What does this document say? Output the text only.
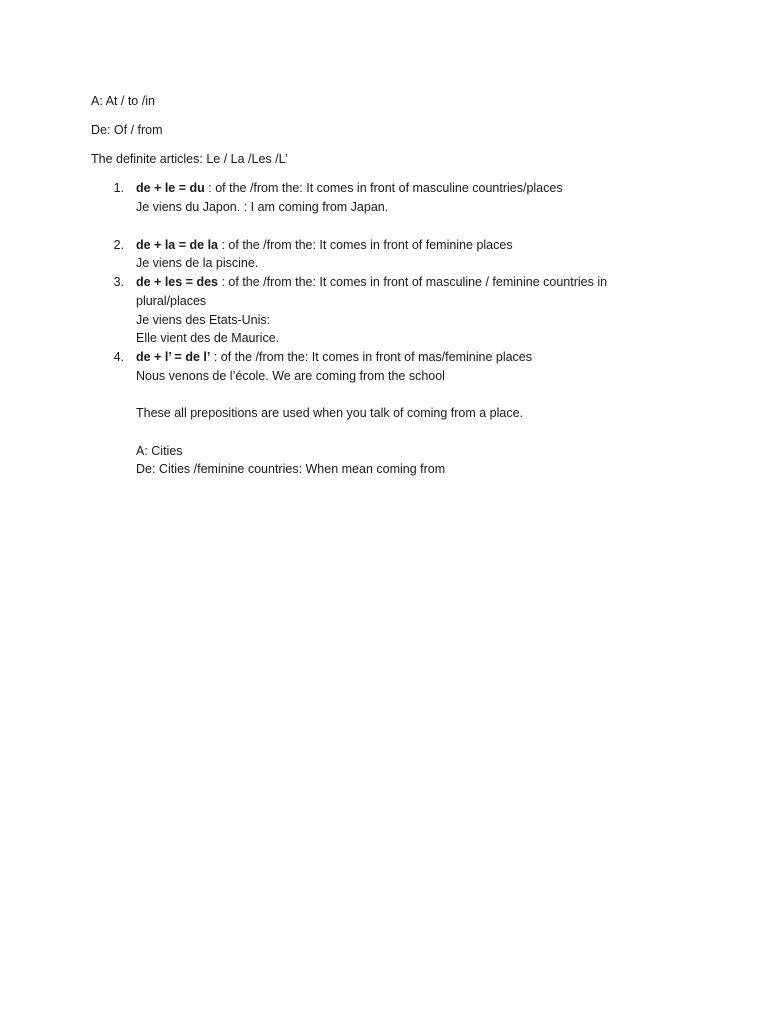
A: At / to /in
De: Of / from
The definite articles: Le / La /Les /L’
1. de + le = du : of the /from the: It comes in front of masculine countries/places
Je viens du Japon. : I am coming from Japan.
2. de + la = de la : of the /from the: It comes in front of feminine places
Je viens de la piscine.
3. de + les = des : of the /from the: It comes in front of masculine / feminine countries in
plural/places
Je viens des Etats-Unis:
Elle vient des de Maurice.
4. de + l’ = de l’ : of the /from the: It comes in front of mas/feminine places
Nous venons de l’école. We are coming from the school
These all prepositions are used when you talk of coming from a place.
A: Cities
De: Cities /feminine countries: When mean coming from
